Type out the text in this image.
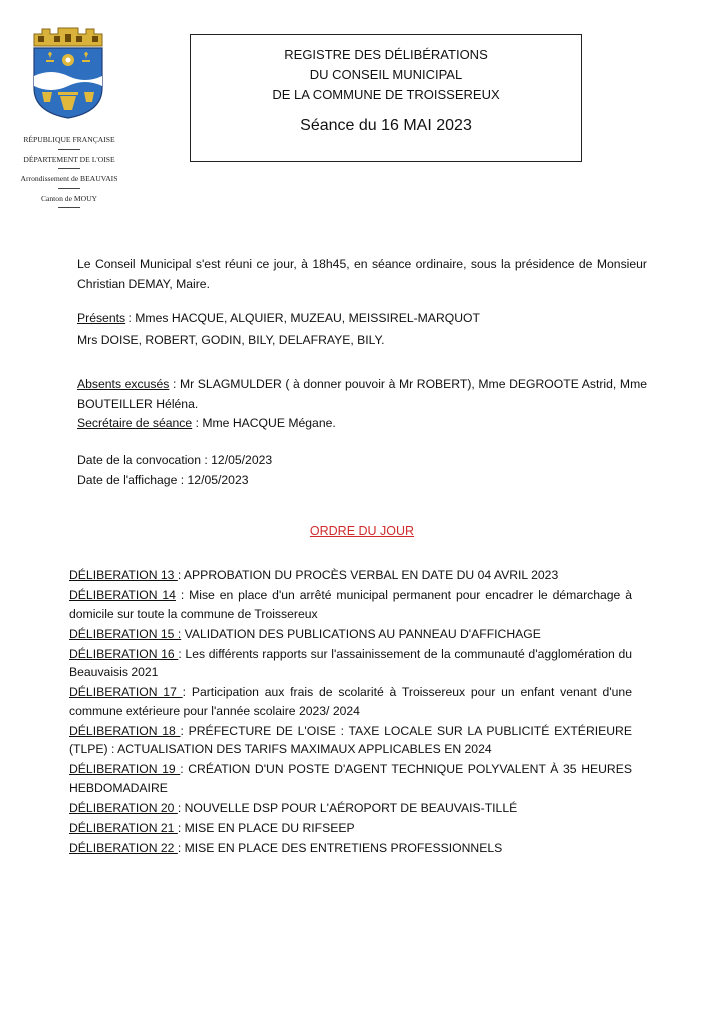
RÉPUBLIQUE FRANÇAISE
DÉPARTEMENT DE L'OISE
Arrondissement de BEAUVAIS
Canton de MOUY
REGISTRE DES DÉLIBÉRATIONS
DU CONSEIL MUNICIPAL
DE LA COMMUNE DE TROISSEREUX
Séance du 16 MAI 2023
Le Conseil Municipal s'est réuni ce jour, à 18h45, en séance ordinaire, sous la présidence de Monsieur Christian DEMAY, Maire.
Présents : Mmes HACQUE, ALQUIER, MUZEAU, MEISSIREL-MARQUOT
Mrs DOISE, ROBERT, GODIN, BILY, DELAFRAYE, BILY.
Absents excusés : Mr SLAGMULDER ( à donner pouvoir à Mr ROBERT), Mme DEGROOTE Astrid, Mme BOUTEILLER Héléna.
Secrétaire de séance : Mme HACQUE Mégane.
Date de la convocation : 12/05/2023
Date de l'affichage : 12/05/2023
ORDRE DU JOUR
DÉLIBERATION 13 : APPROBATION DU PROCÈS VERBAL EN DATE DU 04 AVRIL 2023
DÉLIBERATION 14 : Mise en place d'un arrêté municipal permanent pour encadrer le démarchage à domicile sur toute la commune de Troissereux
DÉLIBERATION 15 : VALIDATION DES PUBLICATIONS AU PANNEAU D'AFFICHAGE
DÉLIBERATION 16 : Les différents rapports sur l'assainissement de la communauté d'agglomération du Beauvaisis 2021
DÉLIBERATION 17 : Participation aux frais de scolarité à Troissereux pour un enfant venant d'une commune extérieure pour l'année scolaire 2023/ 2024
DÉLIBERATION 18 : PRÉFECTURE DE L'OISE : TAXE LOCALE SUR LA PUBLICITÉ EXTÉRIEURE (TLPE) : ACTUALISATION DES TARIFS MAXIMAUX APPLICABLES EN 2024
DÉLIBERATION 19 : CRÉATION D'UN POSTE D'AGENT TECHNIQUE POLYVALENT À 35 HEURES HEBDOMADAIRE
DÉLIBERATION 20 : NOUVELLE DSP POUR L'AÉROPORT DE BEAUVAIS-TILLÉ
DÉLIBERATION 21 : MISE EN PLACE DU RIFSEEP
DÉLIBERATION 22 : MISE EN PLACE DES ENTRETIENS PROFESSIONNELS
